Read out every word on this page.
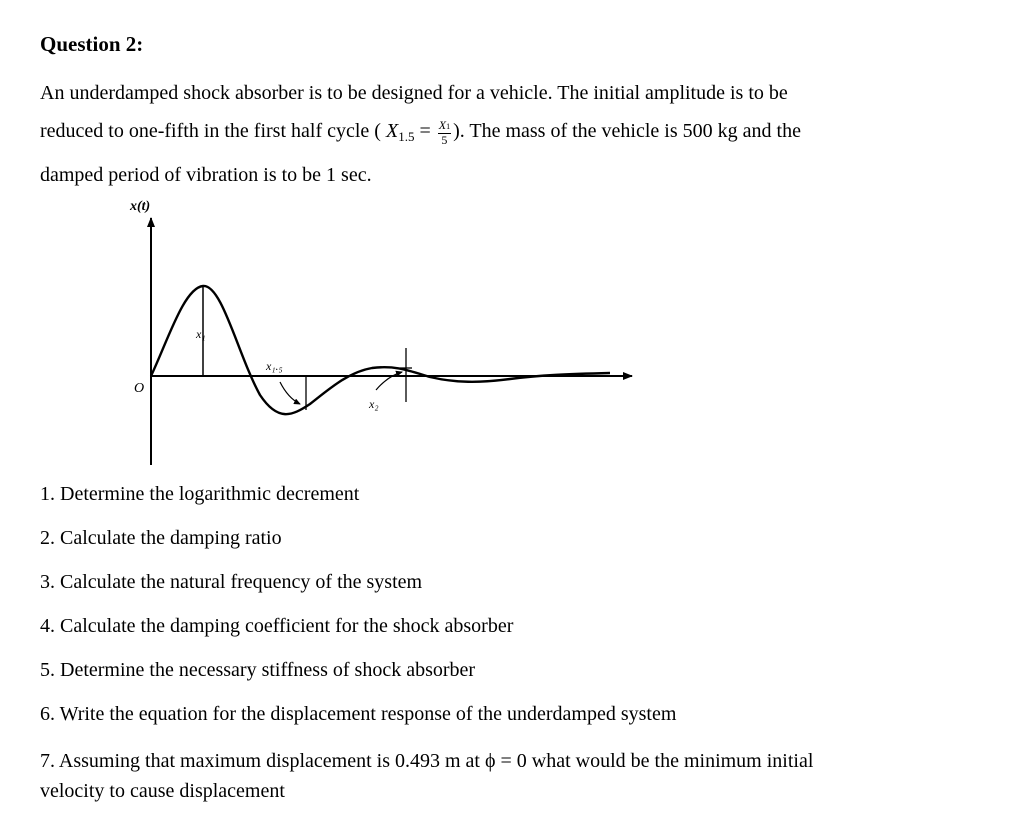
Question 2:

An underdamped shock absorber is to be designed for a vehicle. The initial amplitude is to be
reduced to one-fifth in the first half cycle ( $X_{1.5} = \frac{X1}{5}$ ). The mass of the vehicle is 500 kg and the
damped period of vibration is to be 1 sec.

x(t)
O
x₁
x₁.₅
x₂
1. Determine the logarithmic decrement
2. Calculate the damping ratio
3. Calculate the natural frequency of the system
4. Calculate the damping coefficient for the shock absorber
5. Determine the necessary stiffness of shock absorber
6. Write the equation for the displacement response of the underdamped system
7. Assuming that maximum displacement is 0.493 m at ϕ = 0 what would be the minimum initial
velocity to cause displacement
